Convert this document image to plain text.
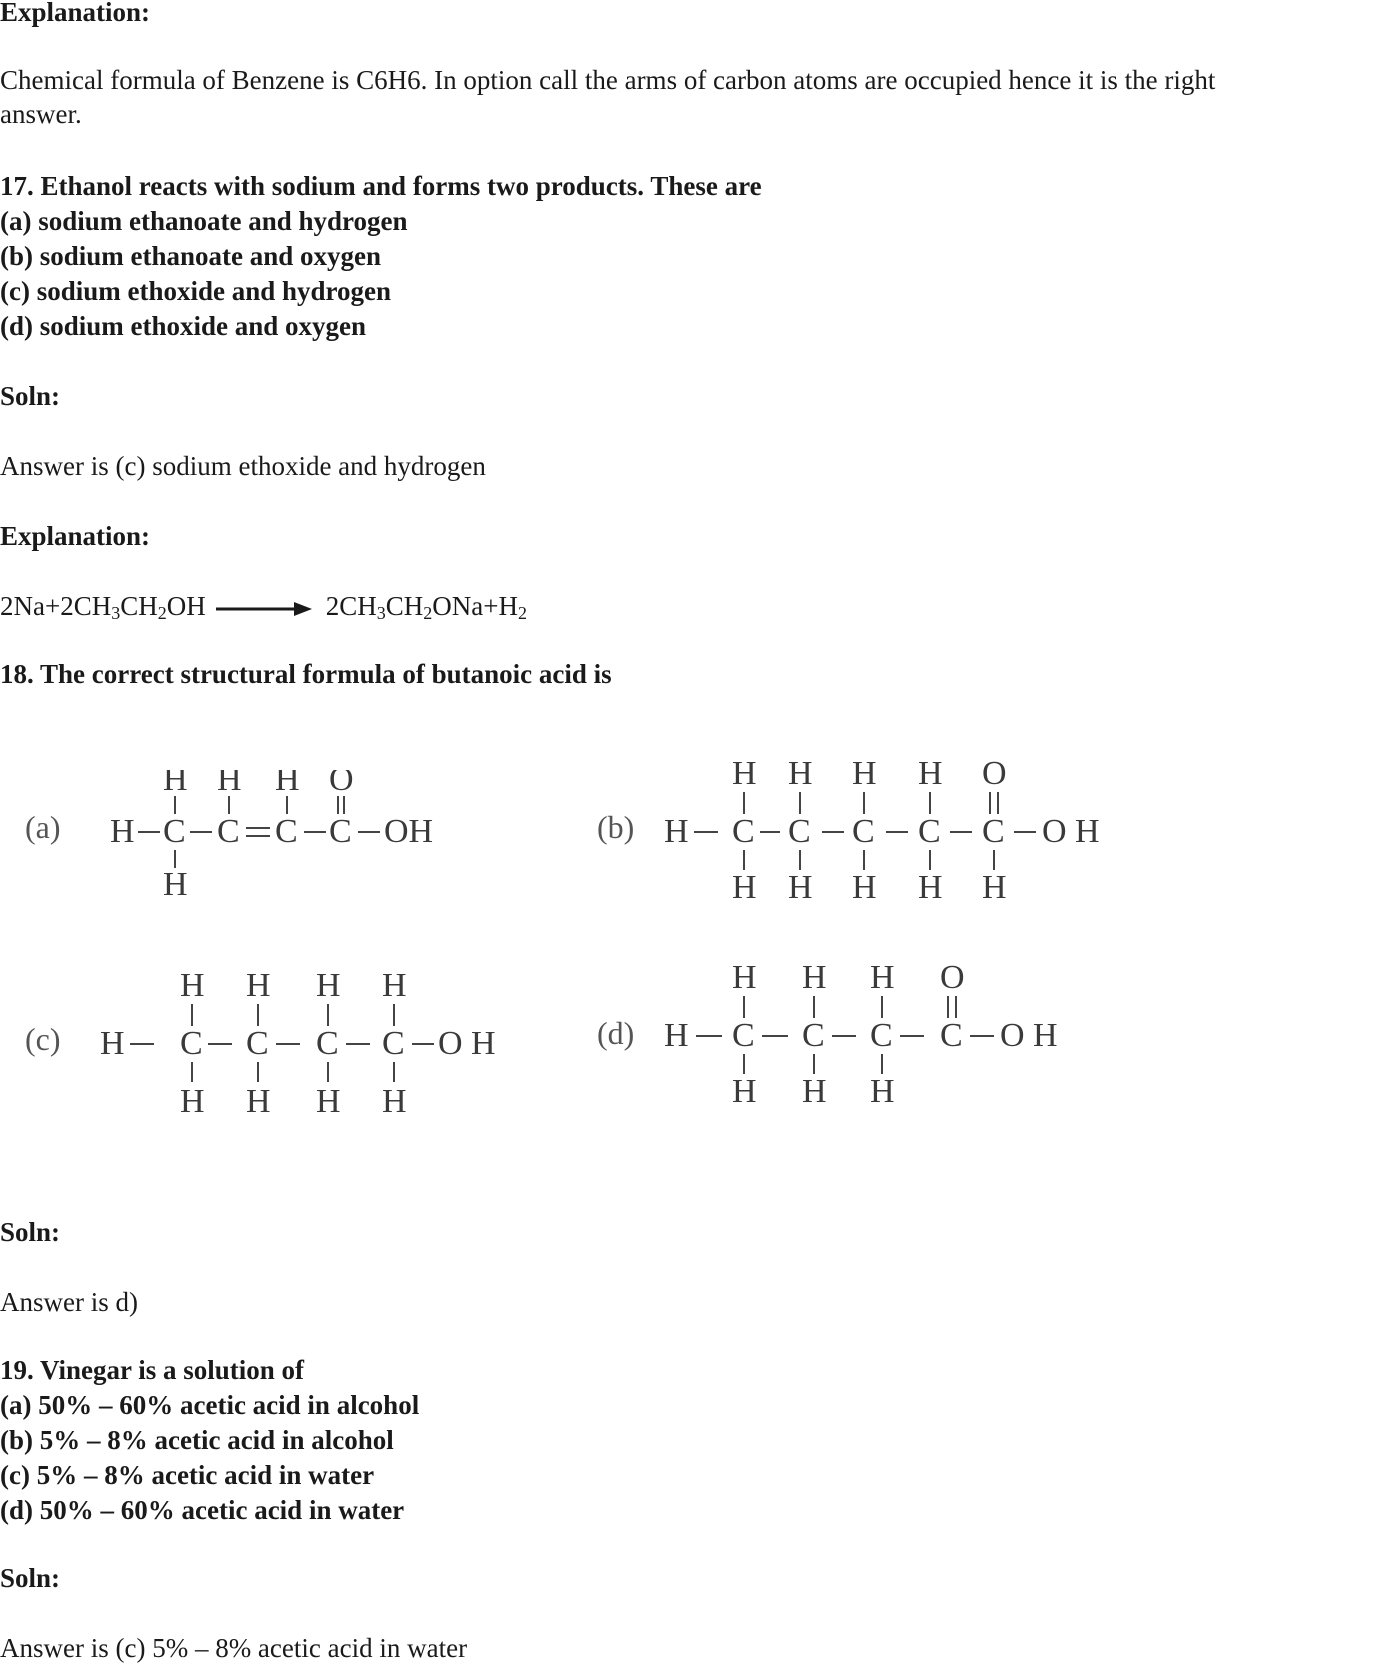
Explanation:
Chemical formula of Benzene is C6H6. In option call the arms of carbon atoms are occupied hence it is the right
answer.
17. Ethanol reacts with sodium and forms two products. These are
(a) sodium ethanoate and hydrogen
(b) sodium ethanoate and oxygen
(c) sodium ethoxide and hydrogen
(d) sodium ethoxide and oxygen
Soln:
Answer is (c) sodium ethoxide and hydrogen
Explanation:
$2Na+2CH_3CH_2OH \to 2CH_3CH_2ONa+H_2$
18. The correct structural formula of butanoic acid is
(a) H C
H
H
C
H
C
H
C
O
OH	(b) H C
H
H
C
H
H
C
H
H
C
H
H
C
O
H
O H
(c) H C
H
H
C
H
H
C
H
H
C
H
H
O H	(d) H C
H
H
C
H
H
C
H
H
C
O
O H
Soln:
Answer is d)
19. Vinegar is a solution of
(a) 50% – 60% acetic acid in alcohol
(b) 5% – 8% acetic acid in alcohol
(c) 5% – 8% acetic acid in water
(d) 50% – 60% acetic acid in water
Soln:
Answer is (c) 5% – 8% acetic acid in water
